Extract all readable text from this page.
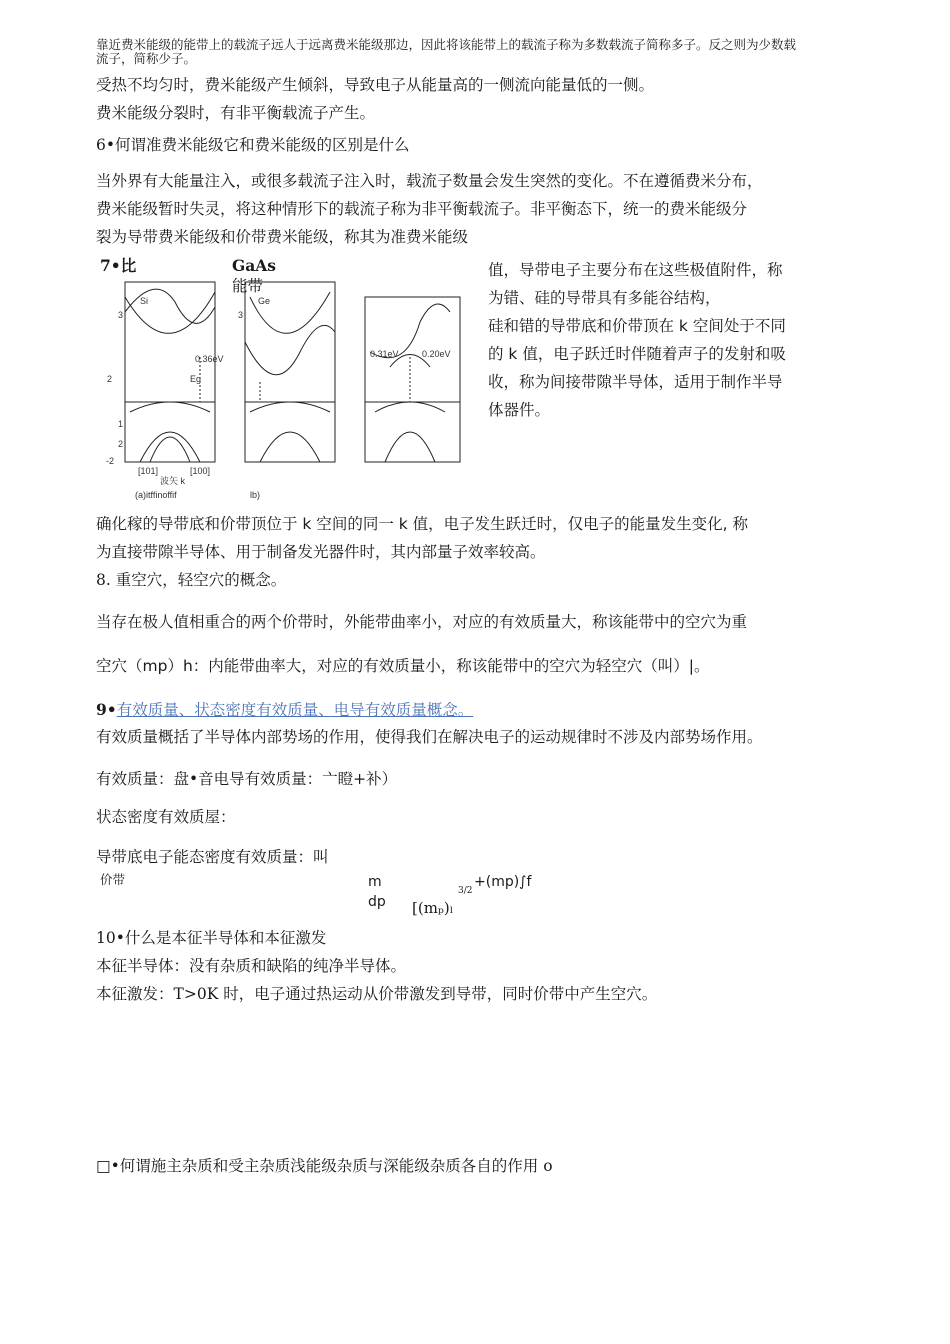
靠近费米能级的能带上的载流子远人于远离费米能级那边，因此将该能带上的载流子称为多数载流子简称多子。反之则为少数载
流子，简称少子。
受热不均匀时，费米能级产生倾斜，导致电子从能量高的一侧流向能量低的一侧。
费米能级分裂时，有非平衡载流子产生。
6•何谓准费米能级它和费米能级的区别是什么
当外界有大能量注入，或很多载流子注入时，载流子数量会发生突然的变化。不在遵循费米分布，
费米能级暂时失灵，将这种情形下的载流子称为非平衡载流子。非平衡态下，统一的费米能级分
裂为导带费米能级和价带费米能级，称其为准费米能级
7•比	GaAs
能带
Si	Ge
3	3
2
1
2
-2
Eg
0.36eV	0.31eV	0.20eV
[101]	[100]
波矢 k
(a)itffinoffif	lb)
值，导带电子主要分布在这些极值附件，称
为错、硅的导带具有多能谷结构，
硅和错的导带底和价带顶在 k 空间处于不同
的 k 值，电子跃迁时伴随着声子的发射和吸
收，称为间接带隙半导体，适用于制作半导
体器件。
确化稼的导带底和价带顶位于 k 空间的同一 k 值，电子发生跃迁时，仅电子的能量发生变化, 称
为直接带隙半导体、用于制备发光器件时，其内部量子效率较高。
8. 重空穴，轻空穴的概念。
当存在极人值相重合的两个价带时，外能带曲率小，对应的有效质量大，称该能带中的空穴为重
空穴（mp）h：内能带曲率大，对应的有效质量小，称该能带中的空穴为轻空穴（叫）|。
9•有效质量、状态密度有效质量、电导有效质量概念。
有效质量概括了半导体内部势场的作用，使得我们在解决电子的运动规律时不涉及内部势场作用。
有效质量：盘•音电导有效质量：亠瞪+补）
状态密度有效质屋：
导带底电子能态密度有效质量：叫
价带	m
dp
+(mp)∫f
[(mₚ)ₗ
3/2
10•什么是本征半导体和本征激发
本征半导体：没有杂质和缺陷的纯净半导体。
本征激发：T>0K 时，电子通过热运动从价带激发到导带，同时价带中产生空穴。
□•何谓施主杂质和受主杂质浅能级杂质与深能级杂质各自的作用 o
